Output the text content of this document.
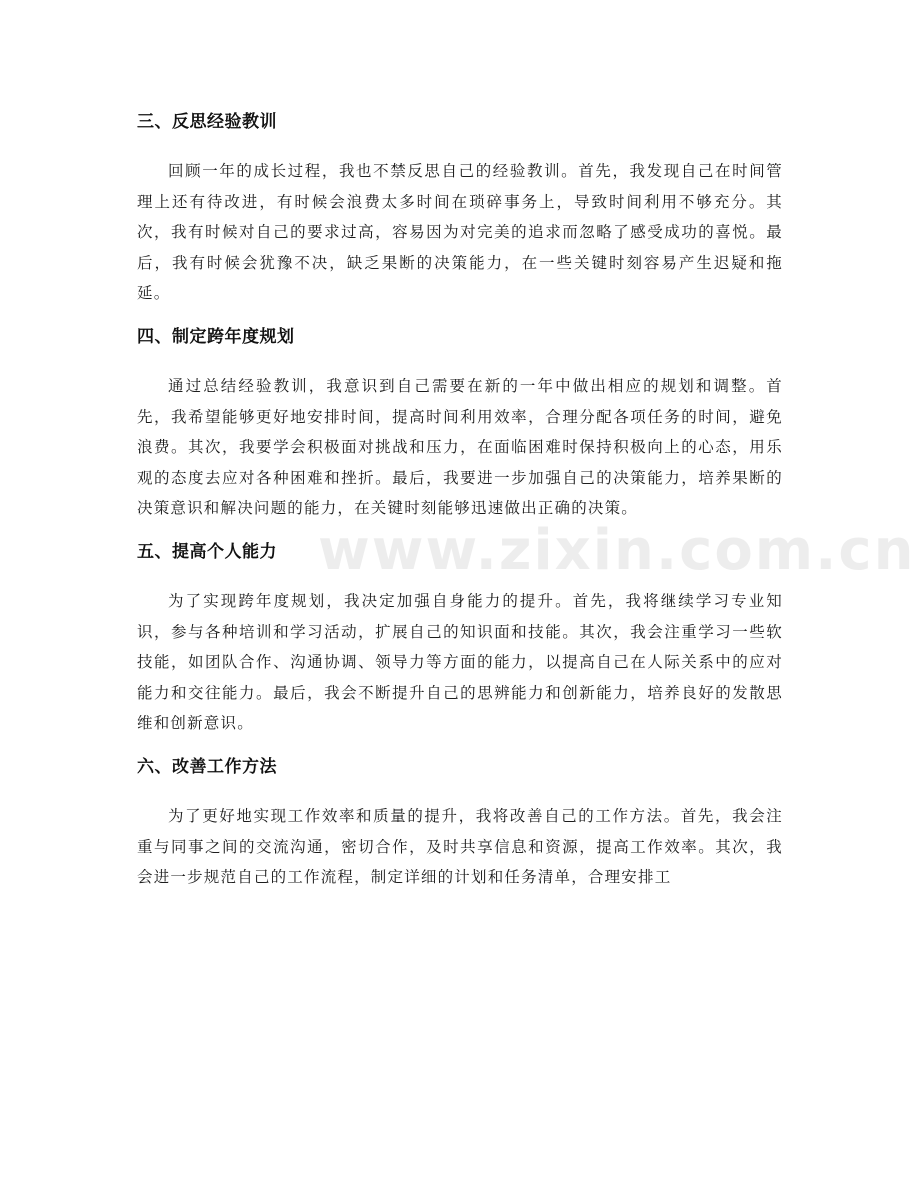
三、反思经验教训

回顾一年的成长过程，我也不禁反思自己的经验教训。首先，我发现自己在时间管理上还有待改进，有时候会浪费太多时间在琐碎事务上，导致时间利用不够充分。其次，我有时候对自己的要求过高，容易因为对完美的追求而忽略了感受成功的喜悦。最后，我有时候会犹豫不决，缺乏果断的决策能力，在一些关键时刻容易产生迟疑和拖延。

四、制定跨年度规划

通过总结经验教训，我意识到自己需要在新的一年中做出相应的规划和调整。首先，我希望能够更好地安排时间，提高时间利用效率，合理分配各项任务的时间，避免浪费。其次，我要学会积极面对挑战和压力，在面临困难时保持积极向上的心态，用乐观的态度去应对各种困难和挫折。最后，我要进一步加强自己的决策能力，培养果断的决策意识和解决问题的能力，在关键时刻能够迅速做出正确的决策。

五、提高个人能力

为了实现跨年度规划，我决定加强自身能力的提升。首先，我将继续学习专业知识，参与各种培训和学习活动，扩展自己的知识面和技能。其次，我会注重学习一些软技能，如团队合作、沟通协调、领导力等方面的能力，以提高自己在人际关系中的应对能力和交往能力。最后，我会不断提升自己的思辨能力和创新能力，培养良好的发散思维和创新意识。

六、改善工作方法

为了更好地实现工作效率和质量的提升，我将改善自己的工作方法。首先，我会注重与同事之间的交流沟通，密切合作，及时共享信息和资源，提高工作效率。其次，我会进一步规范自己的工作流程，制定详细的计划和任务清单，合理安排工

www.zixin.com.cn
